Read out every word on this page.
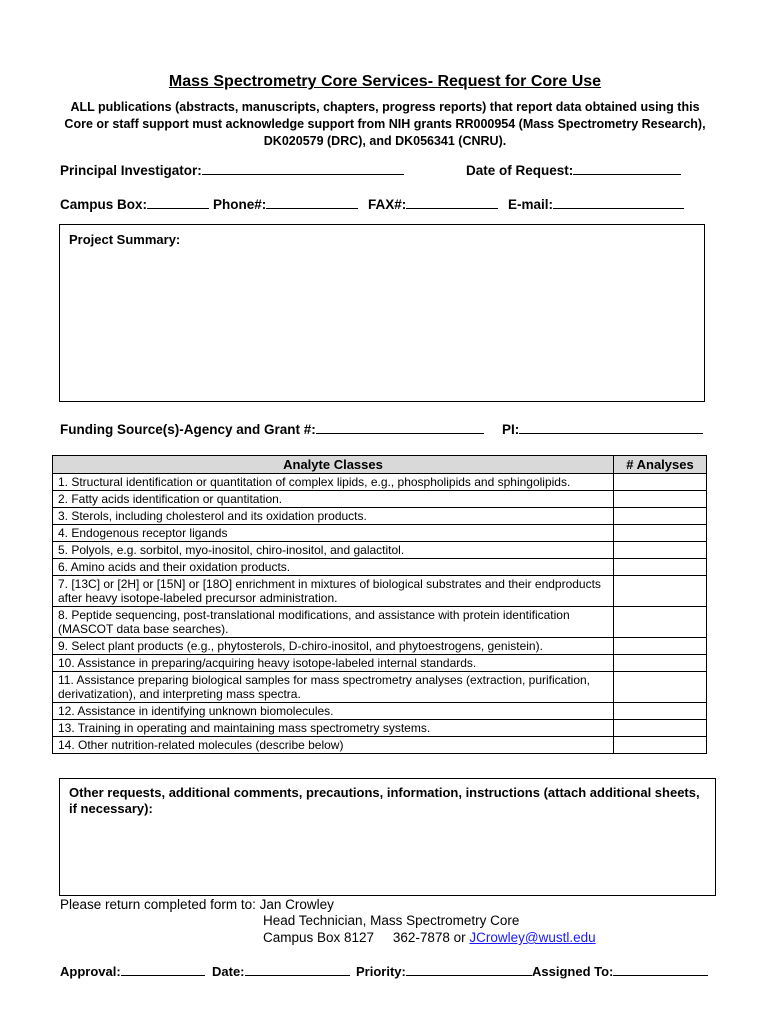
Mass Spectrometry Core Services- Request for Core Use
ALL publications (abstracts, manuscripts, chapters, progress reports) that report data obtained using this Core or staff support must acknowledge support from NIH grants RR000954 (Mass Spectrometry Research), DK020579 (DRC), and DK056341 (CNRU).
Principal Investigator:	Date of Request:
Campus Box:	Phone#:	FAX#:	E-mail:
Project Summary:
Funding Source(s)-Agency and Grant #:	PI:
Analyte Classes	# Analyses
1. Structural identification or quantitation of complex lipids, e.g., phospholipids and sphingolipids.	
2. Fatty acids identification or quantitation.	
3. Sterols, including cholesterol and its oxidation products.	
4. Endogenous receptor ligands	
5. Polyols, e.g. sorbitol, myo-inositol, chiro-inositol, and galactitol.	
6. Amino acids and their oxidation products.	
7. [13C] or [2H] or [15N] or [18O] enrichment in mixtures of biological substrates and their endproducts after heavy isotope-labeled precursor administration.	
8. Peptide sequencing, post-translational modifications, and assistance with protein identification (MASCOT data base searches).	
9. Select plant products (e.g., phytosterols, D-chiro-inositol, and phytoestrogens, genistein).	
10. Assistance in preparing/acquiring heavy isotope-labeled internal standards.	
11. Assistance preparing biological samples for mass spectrometry analyses (extraction, purification, derivatization), and interpreting mass spectra.	
12. Assistance in identifying unknown biomolecules.	
13. Training in operating and maintaining mass spectrometry systems.	
14. Other nutrition-related molecules (describe below)	
Other requests, additional comments, precautions, information, instructions (attach additional sheets, if necessary):
Please return completed form to: Jan Crowley
Head Technician, Mass Spectrometry Core
Campus Box 8127     362-7878 or JCrowley@wustl.edu
Approval:	Date:	Priority:	Assigned To:
